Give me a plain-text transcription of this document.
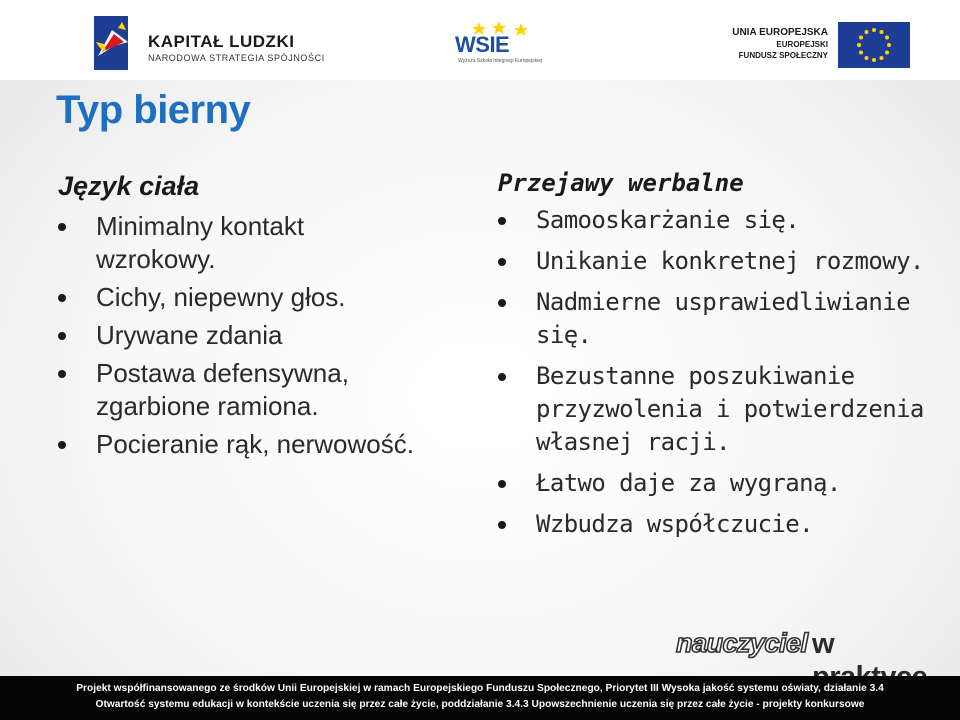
KAPITAŁ LUDZKI
NARODOWA STRATEGIA SPÓJNOŚCI
WSIE
Wyższa Szkoła Integracji Europejskiej
UNIA EUROPEJSKA
EUROPEJSKI
FUNDUSZ SPOŁECZNY
Typ bierny
Język ciała
Minimalny kontakt wzrokowy.
Cichy, niepewny głos.
Urywane zdania
Postawa defensywna, zgarbione ramiona.
Pocieranie rąk, nerwowość.
Przejawy werbalne
Samooskarżanie się.
Unikanie konkretnej rozmowy.
Nadmierne usprawiedliwianie się.
Bezustanne poszukiwanie przyzwolenia i potwierdzenia własnej racji.
Łatwo daje za wygraną.
Wzbudza współczucie.
nauczyciel w
Projekt współfinansowanego ze środków Unii Europejskiej w ramach Europejskiego Funduszu Społecznego, Priorytet III Wysoka jakość systemu oświaty, działanie 3.4
Otwartość systemu edukacji w kontekście uczenia się przez całe życie, poddziałanie 3.4.3 Upowszechnienie uczenia się przez całe życie - projekty konkursowe
